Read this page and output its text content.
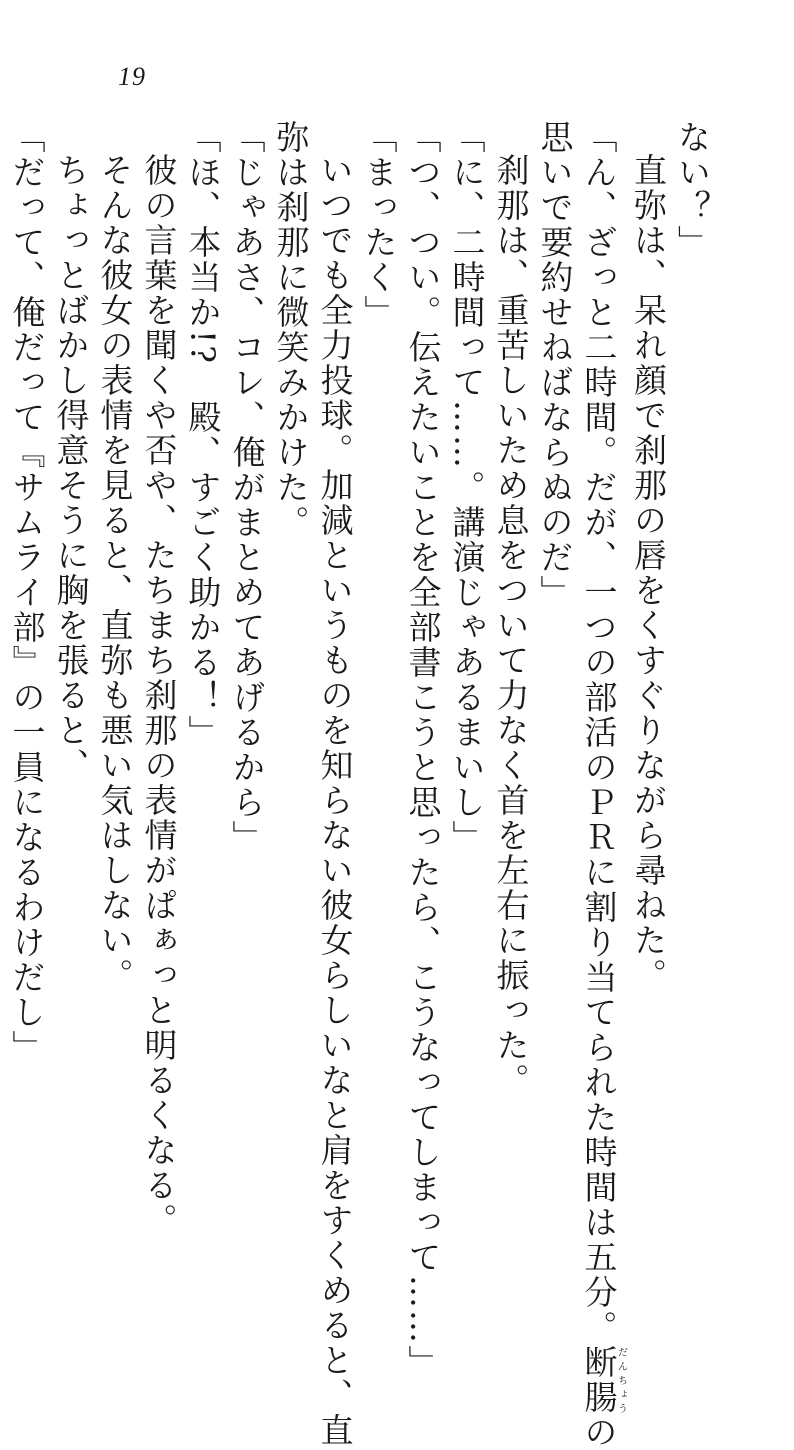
19
ない？」
直弥は、呆れ顔で刹那の唇をくすぐりながら尋ねた。
「ん、ざっと二時間。だが、一つの部活のＰＲに割り当てられた時間は五分。断腸だんちょうの
思いで要約せねばならぬのだ」
刹那は、重苦しいため息をついて力なく首を左右に振った。
「に、二時間って……。講演じゃあるまいし」
「つ、つい。伝えたいことを全部書こうと思ったら、こうなってしまって……」
「まったく」
いつでも全力投球。加減というものを知らない彼女らしいなと肩をすくめると、直
弥は刹那に微笑みかけた。
「じゃあさ、コレ、俺がまとめてあげるから」
「ほ、本当か!?　殿、すごく助かる！」
彼の言葉を聞くや否や、たちまち刹那の表情がぱぁっと明るくなる。
そんな彼女の表情を見ると、直弥も悪い気はしない。
ちょっとばかし得意そうに胸を張ると、
「だって、俺だって『サムライ部』の一員になるわけだし」
